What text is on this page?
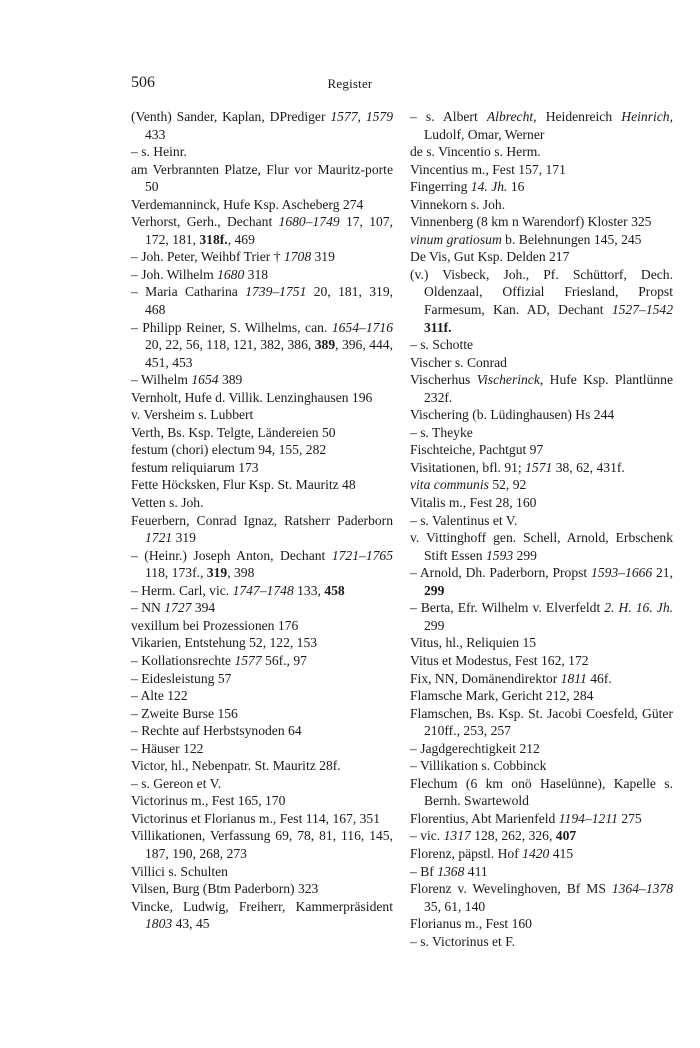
506	Register
(Venth) Sander, Kaplan, DPrediger 1577, 1579 433
– s. Heinr.
am Verbrannten Platze, Flur vor Mauritz-porte 50
Verdemanninck, Hufe Ksp. Ascheberg 274
Verhorst, Gerh., Dechant 1680–1749 17, 107, 172, 181, 318f., 469
– Joh. Peter, Weihbf Trier † 1708 319
– Joh. Wilhelm 1680 318
– Maria Catharina 1739–1751 20, 181, 319, 468
– Philipp Reiner, S. Wilhelms, can. 1654–1716 20, 22, 56, 118, 121, 382, 386, 389, 396, 444, 451, 453
– Wilhelm 1654 389
Vernholt, Hufe d. Villik. Lenzinghausen 196
v. Versheim s. Lubbert
Verth, Bs. Ksp. Telgte, Ländereien 50
festum (chori) electum 94, 155, 282
festum reliquiarum 173
Fette Höcksken, Flur Ksp. St. Mauritz 48
Vetten s. Joh.
Feuerbern, Conrad Ignaz, Ratsherr Paderborn 1721 319
– (Heinr.) Joseph Anton, Dechant 1721–1765 118, 173f., 319, 398
– Herm. Carl, vic. 1747–1748 133, 458
– NN 1727 394
vexillum bei Prozessionen 176
Vikarien, Entstehung 52, 122, 153
– Kollationsrechte 1577 56f., 97
– Eidesleistung 57
– Alte 122
– Zweite Burse 156
– Rechte auf Herbstsynoden 64
– Häuser 122
Victor, hl., Nebenpatr. St. Mauritz 28f.
– s. Gereon et V.
Victorinus m., Fest 165, 170
Victorinus et Florianus m., Fest 114, 167, 351
Villikationen, Verfassung 69, 78, 81, 116, 145, 187, 190, 268, 273
Villici s. Schulten
Vilsen, Burg (Btm Paderborn) 323
Vincke, Ludwig, Freiherr, Kammerpräsident 1803 43, 45
– s. Albert Albrecht, Heidenreich Heinrich, Ludolf, Omar, Werner
de s. Vincentio s. Herm.
Vincentius m., Fest 157, 171
Fingerring 14. Jh. 16
Vinnekorn s. Joh.
Vinnenberg (8 km n Warendorf) Kloster 325
vinum gratiosum b. Belehnungen 145, 245
De Vis, Gut Ksp. Delden 217
(v.) Visbeck, Joh., Pf. Schüttorf, Dech. Oldenzaal, Offizial Friesland, Propst Farmesum, Kan. AD, Dechant 1527–1542 311f.
– s. Schotte
Vischer s. Conrad
Vischerhus Vischerinck, Hufe Ksp. Plantlünne 232f.
Vischering (b. Lüdinghausen) Hs 244
– s. Theyke
Fischteiche, Pachtgut 97
Visitationen, bfl. 91; 1571 38, 62, 431f.
vita communis 52, 92
Vitalis m., Fest 28, 160
– s. Valentinus et V.
v. Vittinghoff gen. Schell, Arnold, Erbschenk Stift Essen 1593 299
– Arnold, Dh. Paderborn, Propst 1593–1666 21, 299
– Berta, Efr. Wilhelm v. Elverfeldt 2. H. 16. Jh. 299
Vitus, hl., Reliquien 15
Vitus et Modestus, Fest 162, 172
Fix, NN, Domänendirektor 1811 46f.
Flamsche Mark, Gericht 212, 284
Flamschen, Bs. Ksp. St. Jacobi Coesfeld, Güter 210ff., 253, 257
– Jagdgerechtigkeit 212
– Villikation s. Cobbinck
Flechum (6 km onö Haselünne), Kapelle s. Bernh. Swartewold
Florentius, Abt Marienfeld 1194–1211 275
– vic. 1317 128, 262, 326, 407
Florenz, päpstl. Hof 1420 415
– Bf 1368 411
Florenz v. Wevelinghoven, Bf MS 1364–1378 35, 61, 140
Florianus m., Fest 160
– s. Victorinus et F.
